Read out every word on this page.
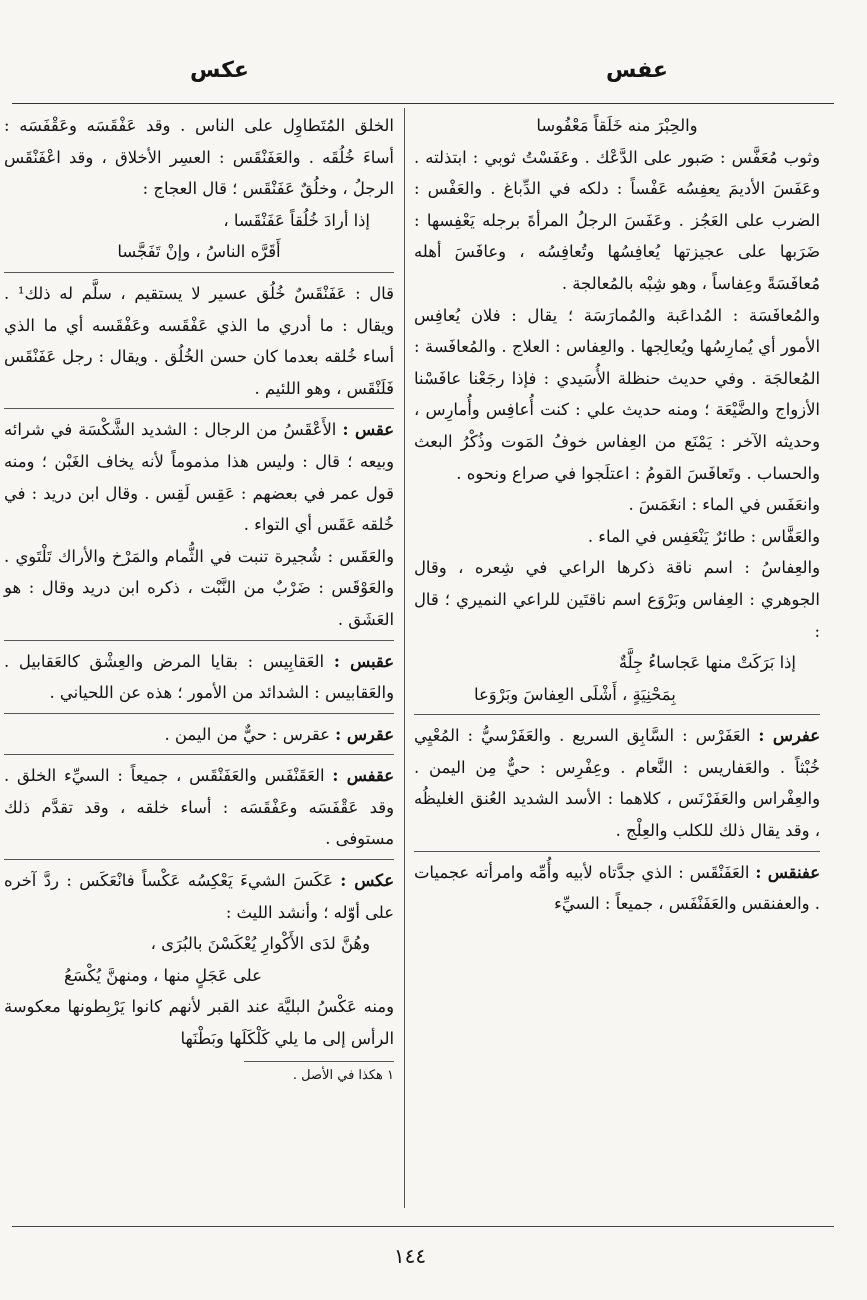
عكس	عفس

والحِبْرَ منه خَلَقاً مَعْفُوسا

وثوب مُعَفَّس : صَبور على الدَّعْك . وعَفَسْتُ ثوبي : ابتذلته . وعَفَسَ الأديمَ يعفِسُه عَفْساً : دلكه في الدِّباغ . والعَفْس : الضرب على العَجُز . وعَفَسَ الرجلُ المرأةَ برجله يَعْفِسها : ضَرَبها على عجيزتها يُعافِسُها وتُعافِسُه ، وعافَسَ أهله مُعافَسَةً وعِفاساً ، وهو شِبْه بالمُعالجة .

والمُعافَسَة : المُداعَبة والمُمارَسَة ؛ يقال : فلان يُعافِس الأمور أي يُمارِسُها ويُعالِجها . والعِفاس : العلاج . والمُعافَسة : المُعالجَة . وفي حديث حنظلة الأُسَيدي : فإذا رجَعْنا عافَسْنا الأزواج والضَّيْعَة ؛ ومنه حديث علي : كنت أُعافِس وأُمارِس ، وحديثه الآخر : يَمْنَع من العِفاس خوفُ المَوت وذُكْرُ البعث والحساب . وتَعافَسَ القومُ : اعتلَجوا في صراع ونحوه .

وانعَفَس في الماء : انغَمَسَ .

والعَفَّاس : طائرٌ يَنْعَفِس في الماء .

والعِفاسُ : اسم ناقة ذكرها الراعي في شِعره ، وقال الجوهري : العِفاس وبَرْوَع اسم ناقتَين للراعي النميري ؛ قال :

إذا بَرَكَتْ منها عَجاساءُ جِلَّةٌ

بِمَحْنِيَةٍ ، أَشْلَى العِفاسَ وبَرْوَعا

عفرس : العَفَرْس : السَّابِق السريع . والعَفَرْسيُّ : المُعْيِي خُبْثاً . والعَفاريس : النَّعام . وعِفْرِس : حيٌّ مِن اليمن . والعِفْراس والعَفَرْنَس ، كلاهما : الأسد الشديد العُنق الغليظُه ، وقد يقال ذلك للكلب والعِلْج .

عفنقس : العَفَنْقَس : الذي جدَّتاه لأبيه وأُمِّه وامرأته عجميات . والعفنقس والعَفَنْفَس ، جميعاً : السيِّء

الخلق المُتَطاوِل على الناس . وقد عَفْقَسَه وعَقْفَسَه : أساءَ خُلُقَه . والعَفَنْقَس : العسِر الأخلاق ، وقد اعْفَنْقَس الرجلُ ، وخلُقٌ عَفَنْقَس ؛ قال العجاج :

إذا أرادَ خُلُقاً عَفَنْقَسا ،

أَقَرَّه الناسُ ، وإنْ تَفَجَّسا

قال : عَفَنْقَسٌ خُلُق عسير لا يستقيم ، سلَّم له ذلك¹ . ويقال : ما أدري ما الذي عَفْقَسه وعَفْقَسه أي ما الذي أساء خُلقه بعدما كان حسن الخُلُق . ويقال : رجل عَفَنْقَس فَلَنْقَس ، وهو اللئيم .

عقس : الأَعْقَسُ من الرجال : الشديد الشَّكْسَة في شرائه وبيعه ؛ قال : وليس هذا مذموماً لأنه يخاف الغَبْن ؛ ومنه قول عمر في بعضهم : عَقِس لَقِس . وقال ابن دريد : في خُلقه عَقَس أي التواء .

والعَقَس : شُجيرة تنبت في الثُّمام والمَرْخ والأراك تَلْتَوي . والعَوْقَس : ضَرْبٌ من النَّبْت ، ذكره ابن دريد وقال : هو العَشَق .

عقبس : العَقابِيس : بقايا المرض والعِشْق كالعَقابيل . والعَقابيس : الشدائد من الأمور ؛ هذه عن اللحياني .

عقرس : عقرس : حيٌّ من اليمن .

عقفس : العَقَنْفَس والعَفَنْقَس ، جميعاً : السيِّء الخلق . وقد عَقْفَسَه وعَفْقَسَه : أساء خلقه ، وقد تقدَّم ذلك مستوفى .

عكس : عَكَسَ الشيءَ يَعْكِسُه عَكْساً فانْعَكَس : ردَّ آخره على أوّله ؛ وأنشد الليث :

وهُنَّ لدَى الأَكْوارِ يُعْكَسْنَ بالبُرَى ،

على عَجَلٍ منها ، ومنهنَّ يُكْسَعُ

ومنه عَكْسُ البليَّة عند القبر لأنهم كانوا يَرْبِطونها معكوسة الرأس إلى ما يلي كَلْكَلَها وبَطْنَها

١ هكذا في الأصل .

١٤٤
